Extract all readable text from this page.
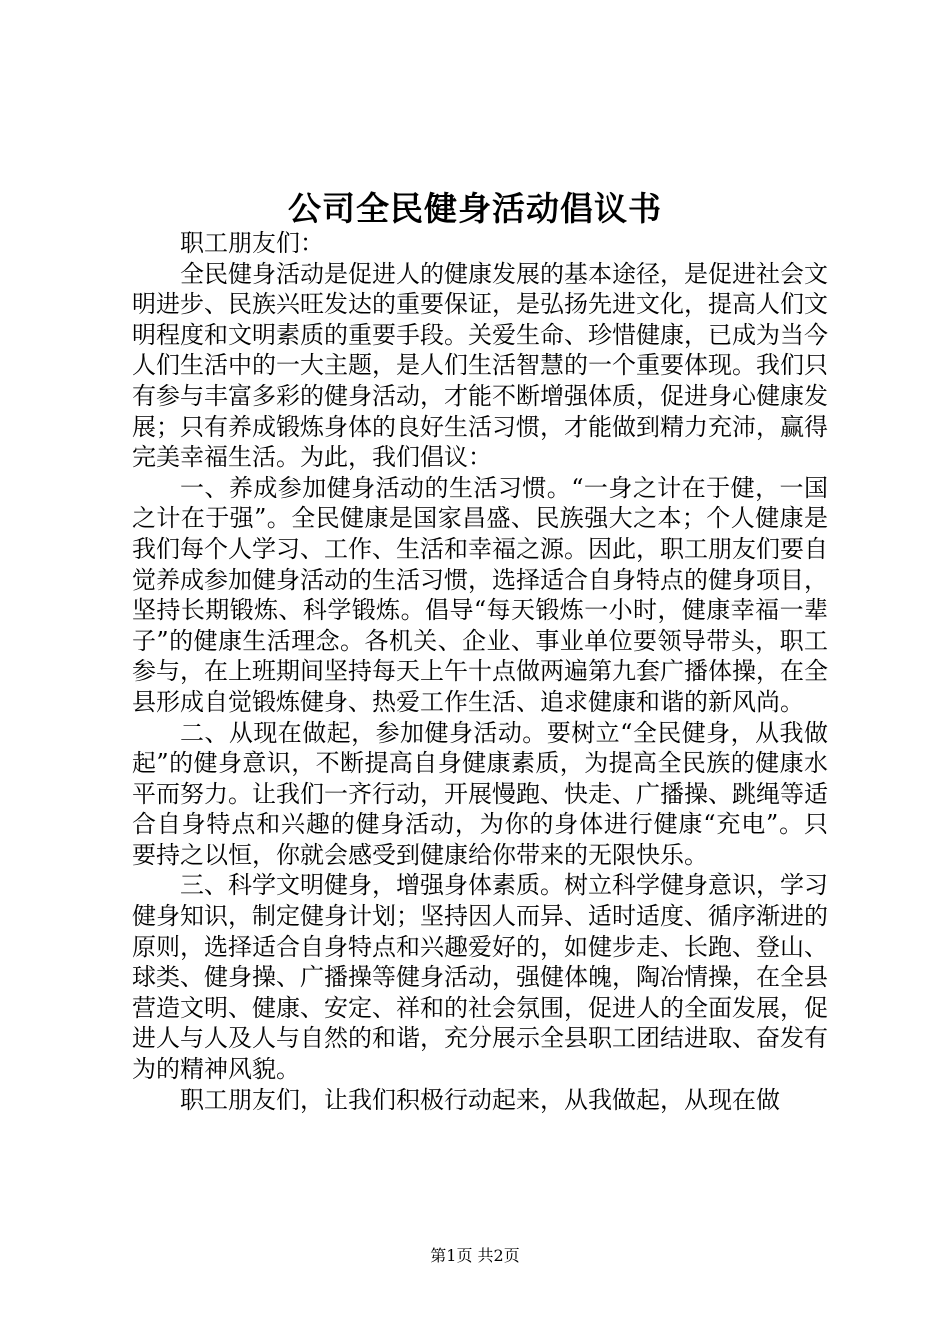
公司全民健身活动倡议书

职工朋友们：

全民健身活动是促进人的健康发展的基本途径，是促进社会文明进步、民族兴旺发达的重要保证，是弘扬先进文化，提高人们文明程度和文明素质的重要手段。关爱生命、珍惜健康，已成为当今人们生活中的一大主题，是人们生活智慧的一个重要体现。我们只有参与丰富多彩的健身活动，才能不断增强体质，促进身心健康发展；只有养成锻炼身体的良好生活习惯，才能做到精力充沛，赢得完美幸福生活。为此，我们倡议：

一、养成参加健身活动的生活习惯。“一身之计在于健，一国之计在于强”。全民健康是国家昌盛、民族强大之本；个人健康是我们每个人学习、工作、生活和幸福之源。因此，职工朋友们要自觉养成参加健身活动的生活习惯，选择适合自身特点的健身项目，坚持长期锻炼、科学锻炼。倡导“每天锻炼一小时，健康幸福一辈子”的健康生活理念。各机关、企业、事业单位要领导带头，职工参与，在上班期间坚持每天上午十点做两遍第九套广播体操，在全县形成自觉锻炼健身、热爱工作生活、追求健康和谐的新风尚。

二、从现在做起，参加健身活动。要树立“全民健身，从我做起”的健身意识，不断提高自身健康素质，为提高全民族的健康水平而努力。让我们一齐行动，开展慢跑、快走、广播操、跳绳等适合自身特点和兴趣的健身活动，为你的身体进行健康“充电”。只要持之以恒，你就会感受到健康给你带来的无限快乐。

三、科学文明健身，增强身体素质。树立科学健身意识，学习健身知识，制定健身计划；坚持因人而异、适时适度、循序渐进的原则，选择适合自身特点和兴趣爱好的，如健步走、长跑、登山、球类、健身操、广播操等健身活动，强健体魄，陶冶情操，在全县营造文明、健康、安定、祥和的社会氛围，促进人的全面发展，促进人与人及人与自然的和谐，充分展示全县职工团结进取、奋发有为的精神风貌。

职工朋友们，让我们积极行动起来，从我做起，从现在做

第1页 共2页
